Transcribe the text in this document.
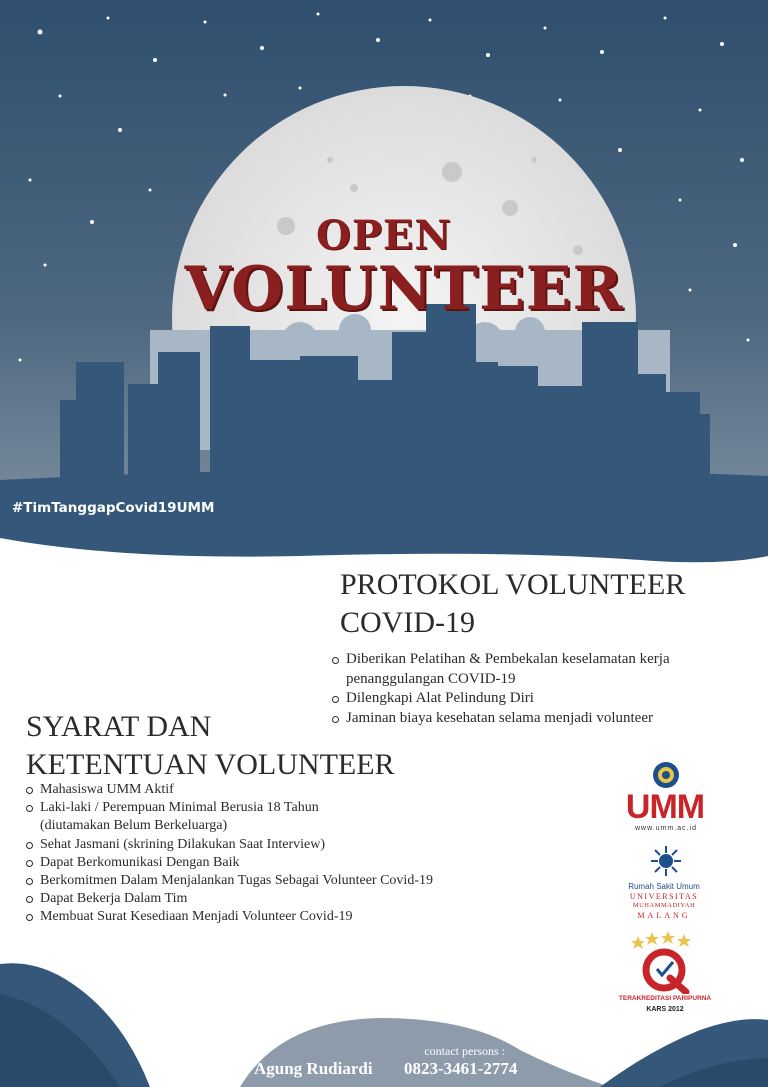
OPEN
VOLUNTEER
#TimTanggapCovid19UMM
PROTOKOL VOLUNTEER
COVID-19
Diberikan Pelatihan & Pembekalan keselamatan kerja penanggulangan COVID-19
Dilengkapi Alat Pelindung Diri
Jaminan biaya kesehatan selama menjadi volunteer
SYARAT DAN
KETENTUAN VOLUNTEER
Mahasiswa UMM Aktif
Laki-laki / Perempuan Minimal Berusia 18 Tahun (diutamakan Belum Berkeluarga)
Sehat Jasmani (skrining Dilakukan Saat Interview)
Dapat Berkomunikasi Dengan Baik
Berkomitmen Dalam Menjalankan Tugas Sebagai Volunteer Covid-19
Dapat Bekerja Dalam Tim
Membuat Surat Kesediaan Menjadi Volunteer Covid-19
UMM
www.umm.ac.id
Rumah Sakit Umum
UNIVERSITAS
MUHAMMADIYAH
MALANG
TERAKREDITASI PARIPURNA
KARS 2012
contact persons :
Agung Rudiardi 0823-3461-2774
